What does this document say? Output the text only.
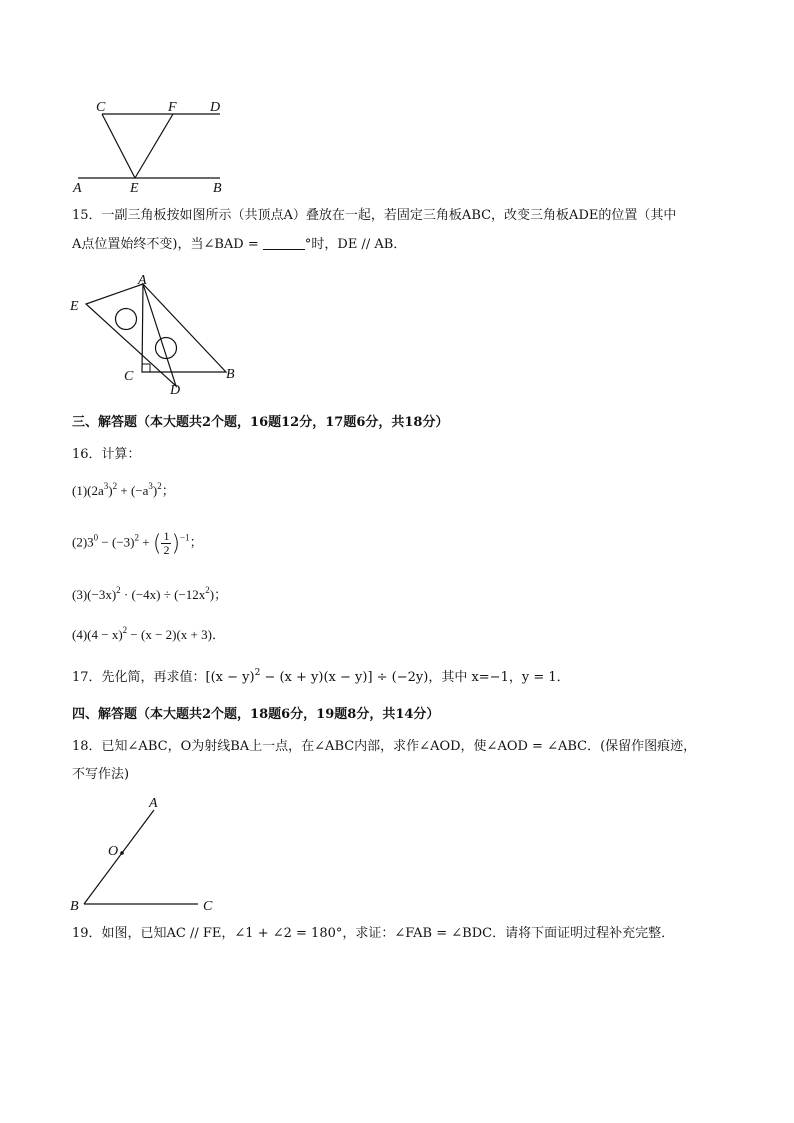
C	F D
A	E	B
15．一副三角板按如图所示（共顶点A）叠放在一起，若固定三角板ABC，改变三角板ADE的位置（其中
A点位置始终不变)，当∠BAD =	°时，DE // AB．
A
E
C
D
B
三、解答题（本大题共2个题，16题12分，17题6分，共18分）
16．计算：
$(1)(2a^3)^2 + (-a^3)^2$；
$(2)3^0 - (-3)^2$ + ( $\frac{1}{2} )^{-1}$；
$(3)(-3x)^2 \cdot (-4x) \div (-12x^2)$；
$(4)(4 - x)^2 - (x - 2)(x + 3)$．
17．先化简，再求值：$[(x - y)^2 - (x + y)(x - y)] \div (-2y)$，其中 x=−1，y = 1．
四、解答题（本大题共2个题，18题6分，19题8分，共14分）
18．已知∠ABC，O为射线BA上一点，在∠ABC内部，求作∠AOD，使∠AOD = ∠ABC．(保留作图痕迹，
不写作法)
A
O
B	C
19．如图，已知AC // FE，∠1 + ∠2 = 180°，求证：∠FAB = ∠BDC．请将下面证明过程补充完整．
